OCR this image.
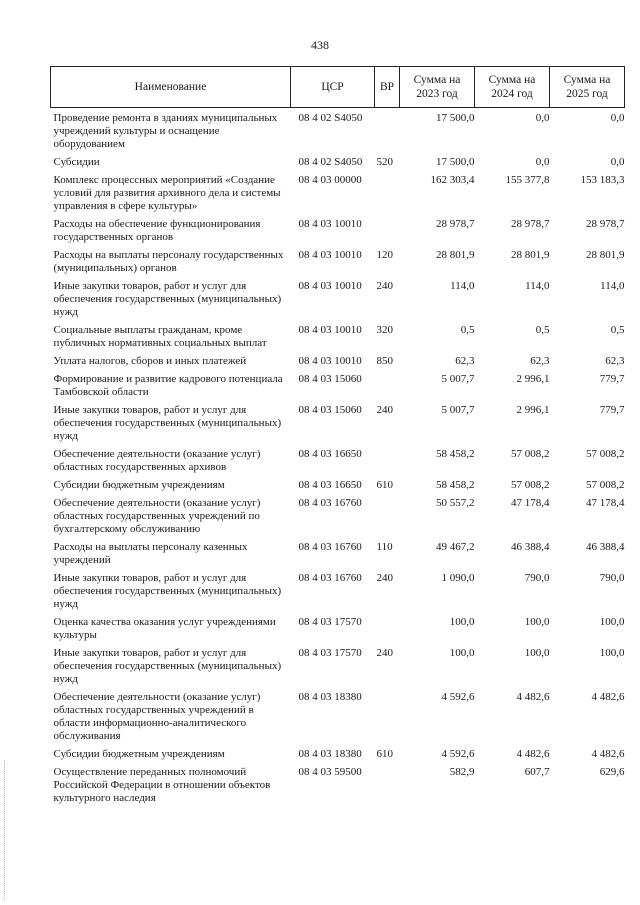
438
Наименование	ЦСР	ВР	Сумма на 2023 год	Сумма на 2024 год	Сумма на 2025 год
Проведение ремонта в зданиях муниципальных учреждений культуры и оснащение оборудованием	08 4 02 S4050		17 500,0	0,0	0,0
Субсидии	08 4 02 S4050	520	17 500,0	0,0	0,0
Комплекс процессных мероприятий «Создание условий для развития архивного дела и системы управления в сфере культуры»	08 4 03 00000		162 303,4	155 377,8	153 183,3
Расходы на обеспечение функционирования государственных органов	08 4 03 10010		28 978,7	28 978,7	28 978,7
Расходы на выплаты персоналу государственных (муниципальных) органов	08 4 03 10010	120	28 801,9	28 801,9	28 801,9
Иные закупки товаров, работ и услуг для обеспечения государственных (муниципальных) нужд	08 4 03 10010	240	114,0	114,0	114,0
Социальные выплаты гражданам, кроме публичных нормативных социальных выплат	08 4 03 10010	320	0,5	0,5	0,5
Уплата налогов, сборов и иных платежей	08 4 03 10010	850	62,3	62,3	62,3
Формирование и развитие кадрового потенциала Тамбовской области	08 4 03 15060		5 007,7	2 996,1	779,7
Иные закупки товаров, работ и услуг для обеспечения государственных (муниципальных) нужд	08 4 03 15060	240	5 007,7	2 996,1	779,7
Обеспечение деятельности (оказание услуг) областных государственных архивов	08 4 03 16650		58 458,2	57 008,2	57 008,2
Субсидии бюджетным учреждениям	08 4 03 16650	610	58 458,2	57 008,2	57 008,2
Обеспечение деятельности (оказание услуг) областных государственных учреждений по бухгалтерскому обслуживанию	08 4 03 16760		50 557,2	47 178,4	47 178,4
Расходы на выплаты персоналу казенных учреждений	08 4 03 16760	110	49 467,2	46 388,4	46 388,4
Иные закупки товаров, работ и услуг для обеспечения государственных (муниципальных) нужд	08 4 03 16760	240	1 090,0	790,0	790,0
Оценка качества оказания услуг учреждениями культуры	08 4 03 17570		100,0	100,0	100,0
Иные закупки товаров, работ и услуг для обеспечения государственных (муниципальных) нужд	08 4 03 17570	240	100,0	100,0	100,0
Обеспечение деятельности (оказание услуг) областных государственных учреждений в области информационно-аналитического обслуживания	08 4 03 18380		4 592,6	4 482,6	4 482,6
Субсидии бюджетным учреждениям	08 4 03 18380	610	4 592,6	4 482,6	4 482,6
Осуществление переданных полномочий Российской Федерации в отношении объектов культурного наследия	08 4 03 59500		582,9	607,7	629,6
